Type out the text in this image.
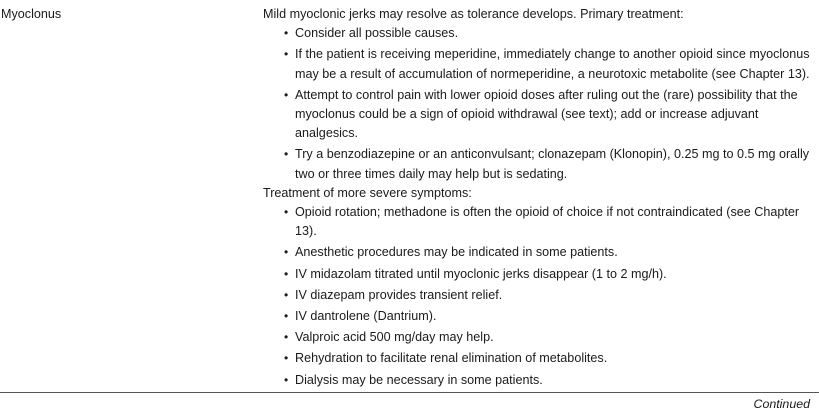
Myoclonus	Mild myoclonic jerks may resolve as tolerance develops. Primary treatment:

• Consider all possible causes.
• If the patient is receiving meperidine, immediately change to another opioid since myoclonus may be a result of accumulation of normeperidine, a neurotoxic metabolite (see Chapter 13).
• Attempt to control pain with lower opioid doses after ruling out the (rare) possibility that the myoclonus could be a sign of opioid withdrawal (see text); add or increase adjuvant analgesics.
• Try a benzodiazepine or an anticonvulsant; clonazepam (Klonopin), 0.25 mg to 0.5 mg orally two or three times daily may help but is sedating.

Treatment of more severe symptoms:

• Opioid rotation; methadone is often the opioid of choice if not contraindicated (see Chapter 13).
• Anesthetic procedures may be indicated in some patients.
• IV midazolam titrated until myoclonic jerks disappear (1 to 2 mg/h).
• IV diazepam provides transient relief.
• IV dantrolene (Dantrium).
• Valproic acid 500 mg/day may help.
• Rehydration to facilitate renal elimination of metabolites.
• Dialysis may be necessary in some patients.

Continued
